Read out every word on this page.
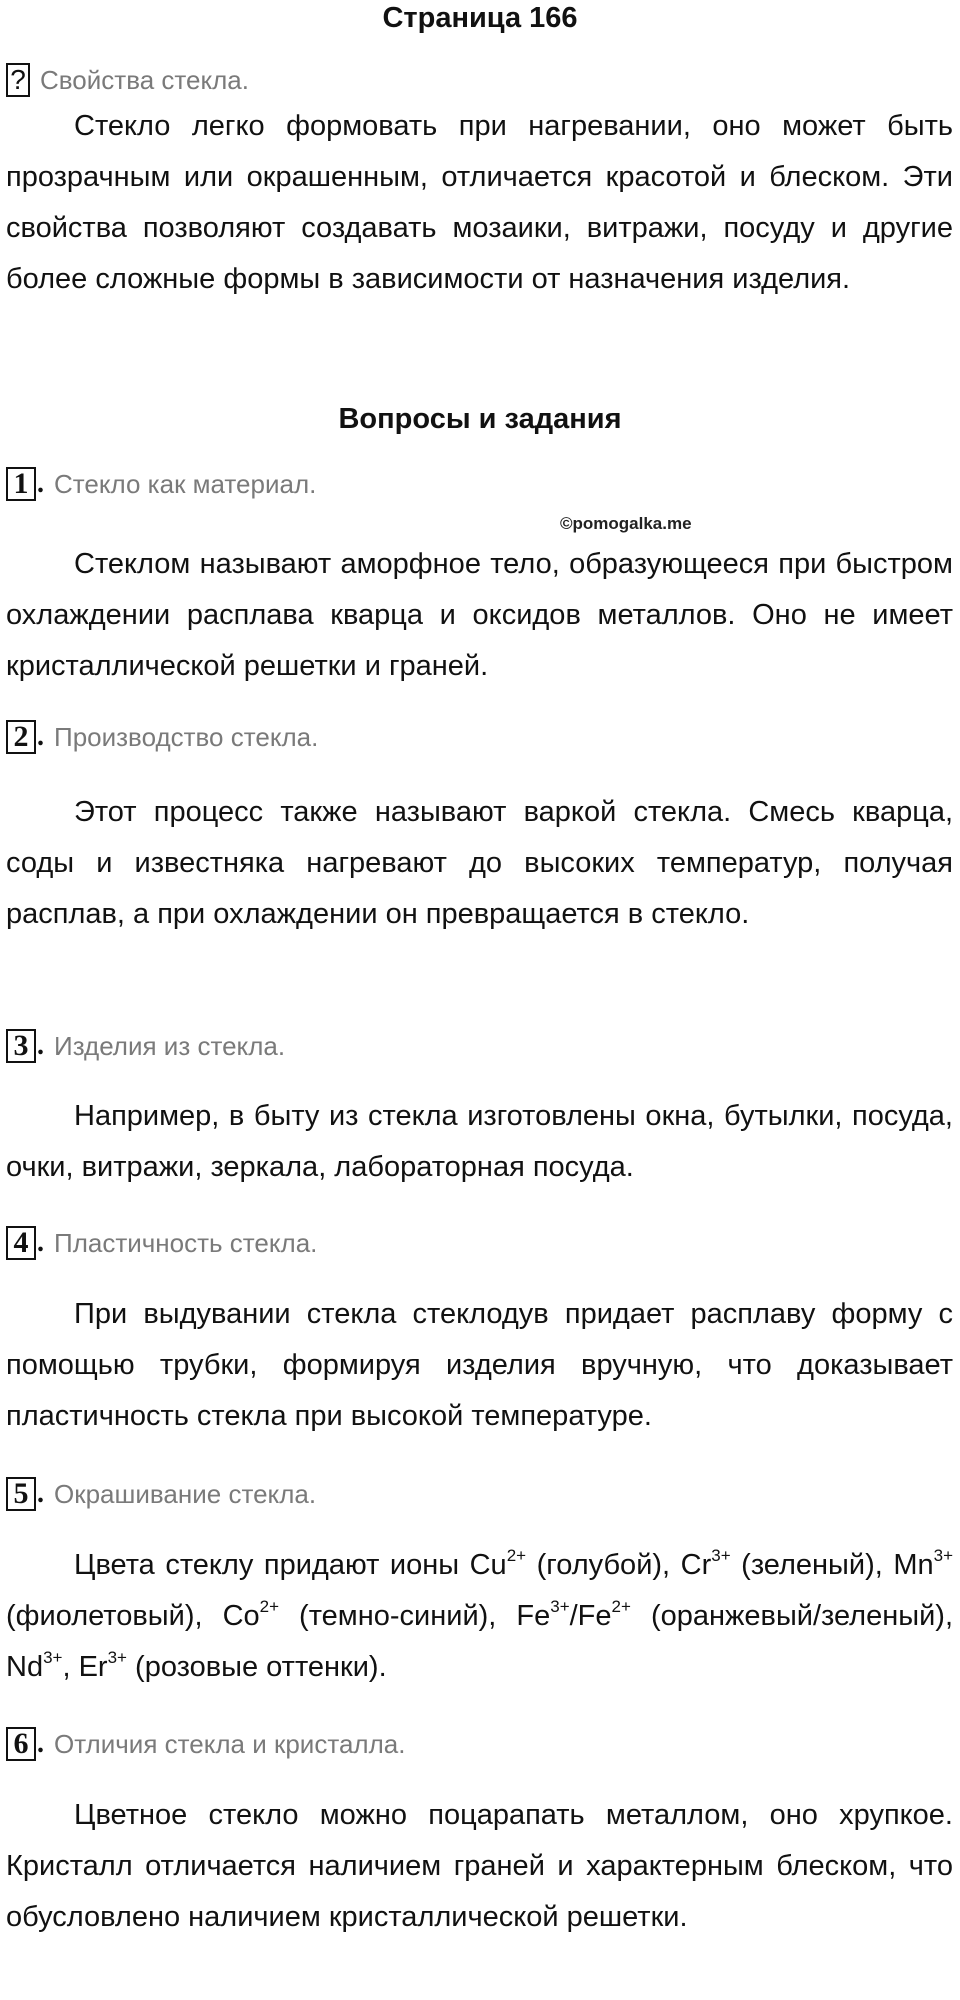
Страница 166
? Свойства стекла.

Стекло легко формовать при нагревании, оно может быть прозрачным или окрашенным, отличается красотой и блеском. Эти свойства позволяют создавать мозаики, витражи, посуду и другие более сложные формы в зависимости от назначения изделия.

Вопросы и задания
1 . Стекло как материал.
©pomogalka.me

Стеклом называют аморфное тело, образующееся при быстром охлаждении расплава кварца и оксидов металлов. Оно не имеет кристаллической решетки и граней.

2 . Производство стекла.

Этот процесс также называют варкой стекла. Смесь кварца, соды и известняка нагревают до высоких температур, получая расплав, а при охлаждении он превращается в стекло.

3 . Изделия из стекла.

Например, в быту из стекла изготовлены окна, бутылки, посуда, очки, витражи, зеркала, лабораторная посуда.

4 . Пластичность стекла.

При выдувании стекла стеклодув придает расплаву форму с помощью трубки, формируя изделия вручную, что доказывает пластичность стекла при высокой температуре.

5 . Окрашивание стекла.

Цвета стеклу придают ионы $Cu^{2+}$ (голубой), $Cr^{3+}$ (зеленый), $Mn^{3+}$ (фиолетовый), $Co^{2+}$ (темно-синий), $Fe^{3+}/Fe^{2+}$ (оранжевый/зеленый), $Nd^{3+}$, $Er^{3+}$ (розовые оттенки).

6 . Отличия стекла и кристалла.

Цветное стекло можно поцарапать металлом, оно хрупкое. Кристалл отличается наличием граней и характерным блеском, что обусловлено наличием кристаллической решетки.
